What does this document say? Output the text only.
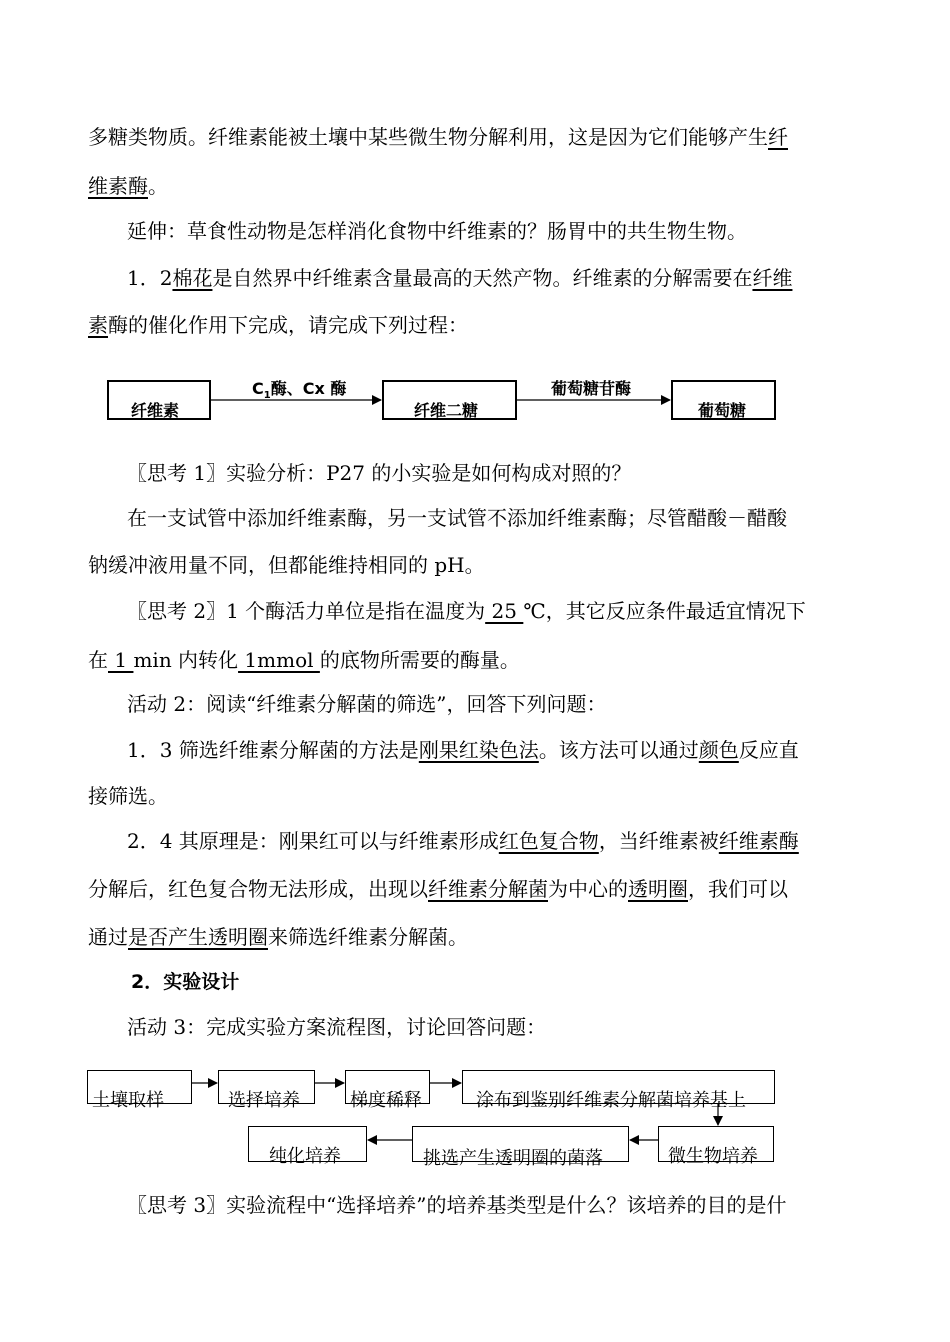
多糖类物质。纤维素能被土壤中某些微生物分解利用，这是因为它们能够产生纤
维素酶。
延伸：草食性动物是怎样消化食物中纤维素的？肠胃中的共生物生物。
1．2棉花是自然界中纤维素含量最高的天然产物。纤维素的分解需要在纤维
素酶的催化作用下完成，请完成下列过程：
纤维素	纤维二糖	葡萄糖
$C_1$酶、Cx 酶	葡萄糖苷酶
〖思考 1〗实验分析：P27 的小实验是如何构成对照的？
在一支试管中添加纤维素酶，另一支试管不添加纤维素酶；尽管醋酸－醋酸
钠缓冲液用量不同，但都能维持相同的 pH。
〖思考 2〗1 个酶活力单位是指在温度为 25 ℃，其它反应条件最适宜情况下
在 1 min 内转化 1mmol 的底物所需要的酶量。
活动 2：阅读“纤维素分解菌的筛选”，回答下列问题：
1．3 筛选纤维素分解菌的方法是刚果红染色法。该方法可以通过颜色反应直
接筛选。
2．4 其原理是：刚果红可以与纤维素形成红色复合物，当纤维素被纤维素酶
分解后，红色复合物无法形成，出现以纤维素分解菌为中心的透明圈，我们可以
通过是否产生透明圈来筛选纤维素分解菌。
2．实验设计
活动 3：完成实验方案流程图，讨论回答问题：
土壤取样	选择培养	梯度稀释	涂布到鉴别纤维素分解菌培养基上
微生物培养
挑选产生透明圈的菌落
纯化培养
〖思考 3〗实验流程中“选择培养”的培养基类型是什么？该培养的目的是什
